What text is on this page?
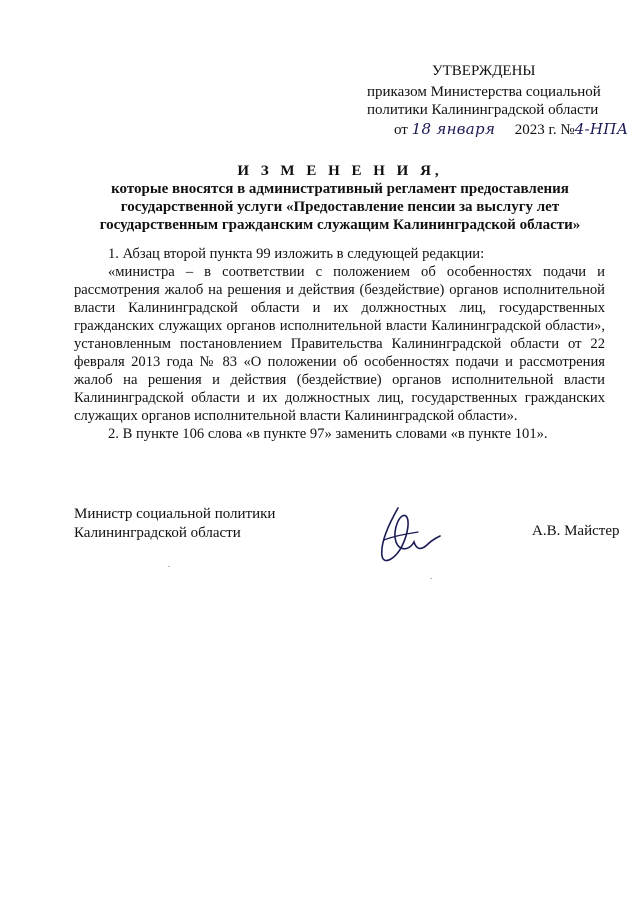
УТВЕРЖДЕНЫ
приказом Министерства социальной
политики Калининградской области
от 18 января 2023 г. №4-НПА
И З М Е Н Е Н И Я,
которые вносятся в административный регламент предоставления
государственной услуги «Предоставление пенсии за выслугу лет
государственным гражданским служащим Калининградской области»

1. Абзац второй пункта 99 изложить в следующей редакции:

«министра – в соответствии с положением об особенностях подачи и рассмотрения жалоб на решения и действия (бездействие) органов исполнительной власти Калининградской области и их должностных лиц, государственных гражданских служащих органов исполнительной власти Калининградской области», установленным постановлением Правительства Калининградской области от 22 февраля 2013 года № 83 «О положении об особенностях подачи и рассмотрения жалоб на решения и действия (бездействие) органов исполнительной власти Калининградской области и их должностных лиц, государственных гражданских служащих органов исполнительной власти Калининградской области».

2. В пункте 106 слова «в пункте 97» заменить словами «в пункте 101».

Министр социальной политики
Калининградской области	А.В. Майстер
